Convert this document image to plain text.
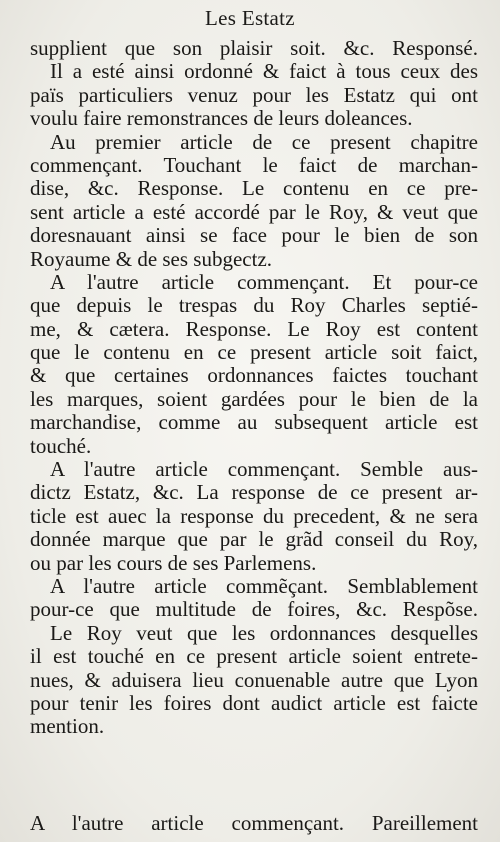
Les Estatz
supplient que son plaisir soit. &c. Responsé.
Il a esté ainsi ordonné & faict à tous ceux des
païs particuliers venuz pour les Estatz qui ont
voulu faire remonstrances de leurs doleances.
Au premier article de ce present chapitre
commençant. Touchant le faict de marchan-
dise, &c. Response. Le contenu en ce pre-
sent article a esté accordé par le Roy, & veut que
doresnauant ainsi se face pour le bien de son
Royaume & de ses subgectz.
A l'autre article commençant. Et pour-ce
que depuis le trespas du Roy Charles septié-
me, & cætera. Response. Le Roy est content
que le contenu en ce present article soit faict,
& que certaines ordonnances faictes touchant
les marques, soient gardées pour le bien de la
marchandise, comme au subsequent article est
touché.
A l'autre article commençant. Semble aus-
dictz Estatz, &c. La response de ce present ar-
ticle est auec la response du precedent, & ne sera
donnée marque que par le grãd conseil du Roy,
ou par les cours de ses Parlemens.
A l'autre article commẽçant. Semblablement
pour-ce que multitude de foires, &c. Respõse.
Le Roy veut que les ordonnances desquelles
il est touché en ce present article soient entrete-
nues, & aduisera lieu conuenable autre que Lyon
pour tenir les foires dont audict article est faicte
mention.
A l'autre article commençant. Pareillement
